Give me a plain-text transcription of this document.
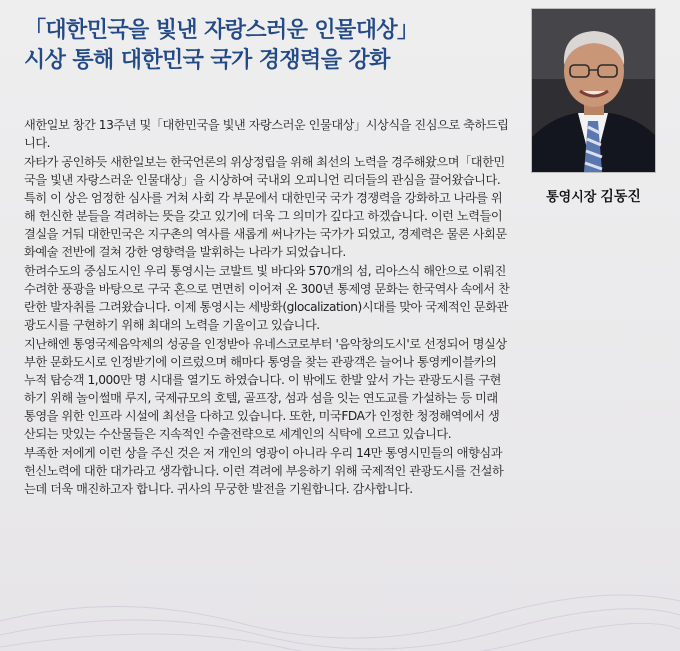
「대한민국을 빛낸 자랑스러운 인물대상」
시상 통해 대한민국 국가 경쟁력을 강화
통영시장 김동진

새한일보 창간 13주년 및「대한민국을 빛낸 자랑스러운 인물대상」시상식을 진심으로 축하드립니다.

자타가 공인하듯 새한일보는 한국언론의 위상정립을 위해 최선의 노력을 경주해왔으며「대한민국을 빛낸 자랑스러운 인물대상」을 시상하여 국내외 오피니언 리더들의 관심을 끌어왔습니다. 특히 이 상은 엄정한 심사를 거쳐 사회 각 부문에서 대한민국 국가 경쟁력을 강화하고 나라를 위해 헌신한 분들을 격려하는 뜻을 갖고 있기에 더욱 그 의미가 깊다고 하겠습니다. 이런 노력들이 결실을 거둬 대한민국은 지구촌의 역사를 새롭게 써나가는 국가가 되었고, 경제력은 물론 사회문화예술 전반에 걸쳐 강한 영향력을 발휘하는 나라가 되었습니다.

한려수도의 중심도시인 우리 통영시는 코발트 빛 바다와 570개의 섬, 리아스식 해안으로 이뤄진 수려한 풍광을 바탕으로 구국 혼으로 면면히 이어져 온 300년 통제영 문화는 한국역사 속에서 찬란한 발자취를 그려왔습니다. 이제 통영시는 세방화(glocalization)시대를 맞아 국제적인 문화관광도시를 구현하기 위해 최대의 노력을 기울이고 있습니다.

지난해엔 통영국제음악제의 성공을 인정받아 유네스코로부터 '음악창의도시'로 선정되어 명실상부한 문화도시로 인정받기에 이르렀으며 해마다 통영을 찾는 관광객은 늘어나 통영케이블카의 누적 탑승객 1,000만 명 시대를 열기도 하였습니다. 이 밖에도 한발 앞서 가는 관광도시를 구현하기 위해 놀이썰매 루지, 국제규모의 호텔, 골프장, 섬과 섬을 잇는 연도교를 가설하는 등 미래 통영을 위한 인프라 시설에 최선을 다하고 있습니다. 또한, 미국FDA가 인정한 청정해역에서 생산되는 맛있는 수산물들은 지속적인 수출전략으로 세계인의 식탁에 오르고 있습니다.

부족한 저에게 이런 상을 주신 것은 저 개인의 영광이 아니라 우리 14만 통영시민들의 애향심과 헌신노력에 대한 대가라고 생각합니다. 이런 격려에 부응하기 위해 국제적인 관광도시를 건설하는데 더욱 매진하고자 합니다. 귀사의 무궁한 발전을 기원합니다. 감사합니다.
